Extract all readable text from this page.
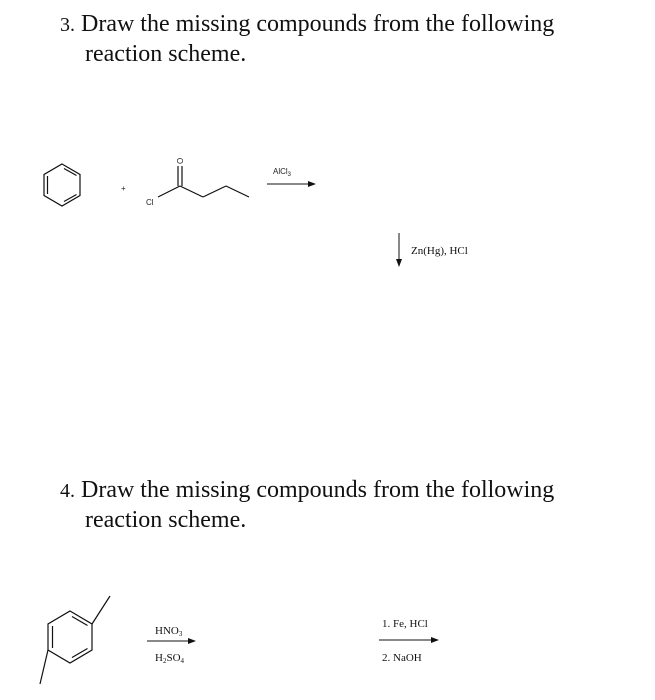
3. Draw the missing compounds from the following
reaction scheme.
4. Draw the missing compounds from the following
reaction scheme.
+
O
Cl
AlCl$_3$
Zn(Hg), HCl
HNO3
H2SO4
1. Fe, HCl
2. NaOH
